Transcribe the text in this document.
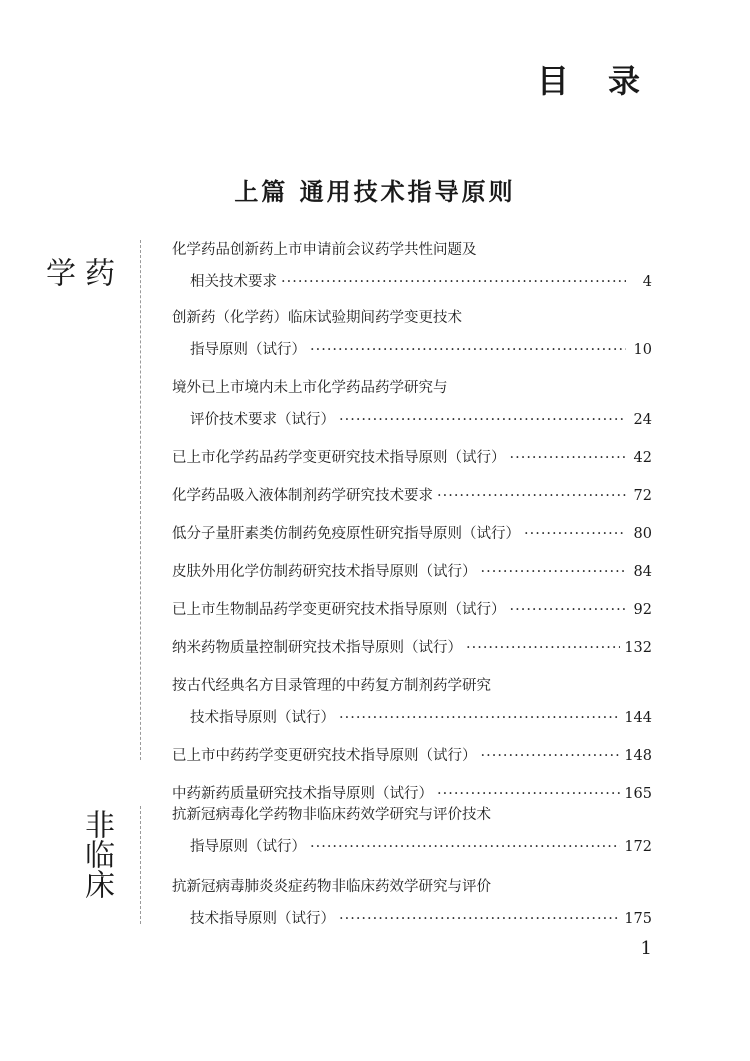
目 录
上篇 通用技术指导原则
药学
化学药品创新药上市申请前会议药学共性问题及
相关技术要求 ·····	4
创新药（化学药）临床试验期间药学变更技术
指导原则（试行） ·····	10
境外已上市境内未上市化学药品药学研究与
评价技术要求（试行） ·····	24
已上市化学药品药学变更研究技术指导原则（试行） ·····	42
化学药品吸入液体制剂药学研究技术要求 ·····	72
低分子量肝素类仿制药免疫原性研究指导原则（试行） ·····	80
皮肤外用化学仿制药研究技术指导原则（试行） ·····	84
已上市生物制品药学变更研究技术指导原则（试行） ·····	92
纳米药物质量控制研究技术指导原则（试行） ·····	132
按古代经典名方目录管理的中药复方制剂药学研究
技术指导原则（试行） ·····	144
已上市中药药学变更研究技术指导原则（试行） ·····	148
中药新药质量研究技术指导原则（试行） ·····	165
非临床	抗新冠病毒化学药物非临床药效学研究与评价技术
指导原则（试行） ·····	172
抗新冠病毒肺炎炎症药物非临床药效学研究与评价
技术指导原则（试行） ·····	175
1
